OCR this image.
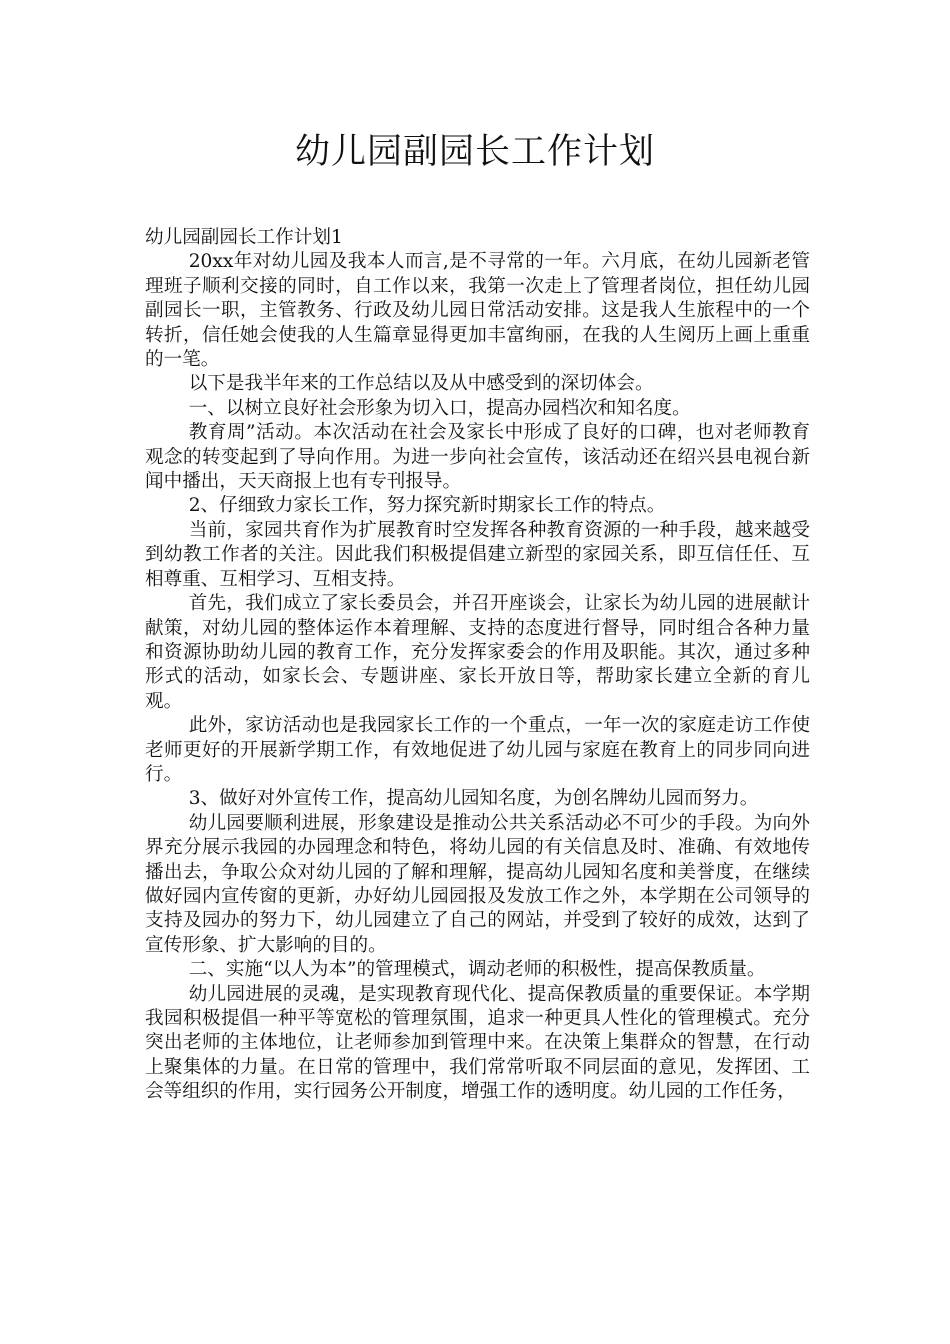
幼儿园副园长工作计划

幼儿园副园长工作计划1

20xx年对幼儿园及我本人而言,是不寻常的一年。六月底，在幼儿园新老管理班子顺利交接的同时，自工作以来，我第一次走上了管理者岗位，担任幼儿园副园长一职，主管教务、行政及幼儿园日常活动安排。这是我人生旅程中的一个转折，信任她会使我的人生篇章显得更加丰富绚丽，在我的人生阅历上画上重重的一笔。

以下是我半年来的工作总结以及从中感受到的深切体会。

一、以树立良好社会形象为切入口，提高办园档次和知名度。

教育周”活动。本次活动在社会及家长中形成了良好的口碑，也对老师教育观念的转变起到了导向作用。为进一步向社会宣传，该活动还在绍兴县电视台新闻中播出，天天商报上也有专刊报导。

2、仔细致力家长工作，努力探究新时期家长工作的特点。

当前，家园共育作为扩展教育时空发挥各种教育资源的一种手段，越来越受到幼教工作者的关注。因此我们积极提倡建立新型的家园关系，即互信任任、互相尊重、互相学习、互相支持。

首先，我们成立了家长委员会，并召开座谈会，让家长为幼儿园的进展献计献策，对幼儿园的整体运作本着理解、支持的态度进行督导，同时组合各种力量和资源协助幼儿园的教育工作，充分发挥家委会的作用及职能。其次，通过多种形式的活动，如家长会、专题讲座、家长开放日等，帮助家长建立全新的育儿观。

此外，家访活动也是我园家长工作的一个重点，一年一次的家庭走访工作使老师更好的开展新学期工作，有效地促进了幼儿园与家庭在教育上的同步同向进行。

3、做好对外宣传工作，提高幼儿园知名度，为创名牌幼儿园而努力。

幼儿园要顺利进展，形象建设是推动公共关系活动必不可少的手段。为向外界充分展示我园的办园理念和特色，将幼儿园的有关信息及时、准确、有效地传播出去，争取公众对幼儿园的了解和理解，提高幼儿园知名度和美誉度，在继续做好园内宣传窗的更新，办好幼儿园园报及发放工作之外，本学期在公司领导的支持及园办的努力下，幼儿园建立了自己的网站，并受到了较好的成效，达到了宣传形象、扩大影响的目的。

二、实施“以人为本”的管理模式，调动老师的积极性，提高保教质量。

幼儿园进展的灵魂，是实现教育现代化、提高保教质量的重要保证。本学期我园积极提倡一种平等宽松的管理氛围，追求一种更具人性化的管理模式。充分突出老师的主体地位，让老师参加到管理中来。在决策上集群众的智慧，在行动上聚集体的力量。在日常的管理中，我们常常听取不同层面的意见，发挥团、工会等组织的作用，实行园务公开制度，增强工作的透明度。幼儿园的工作任务，
